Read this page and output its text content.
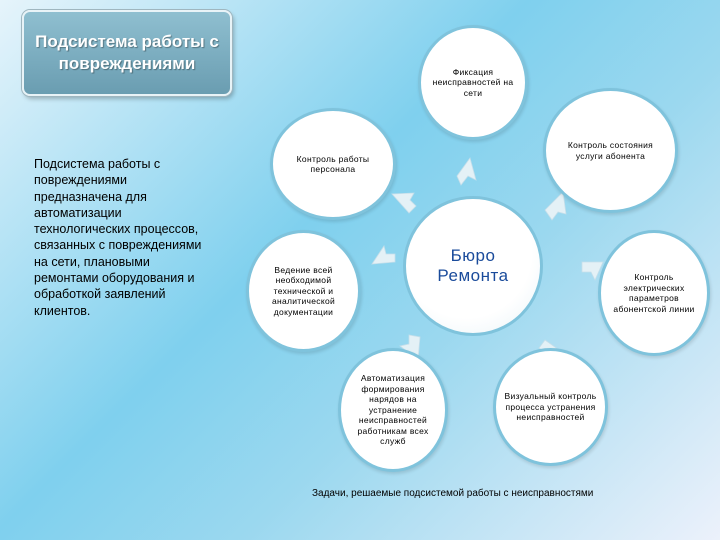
Подсистема работы с повреждениями
Подсистема работы с повреждениями предназначена для автоматизации технологических процессов, связанных с повреждениями на сети, плановыми ремонтами оборудования и обработкой заявлений клиентов.
Фиксация неисправностей на сети
Контроль состояния услуги абонента
Контроль электрических параметров абонентской линии
Визуальный контроль процесса устранения неисправностей
Автоматизация формирования нарядов на устранение неисправностей работникам всех служб
Ведение всей необходимой технической и аналитической документации
Контроль работы персонала
Бюро Ремонта
Задачи, решаемые подсистемой работы с неисправностями
